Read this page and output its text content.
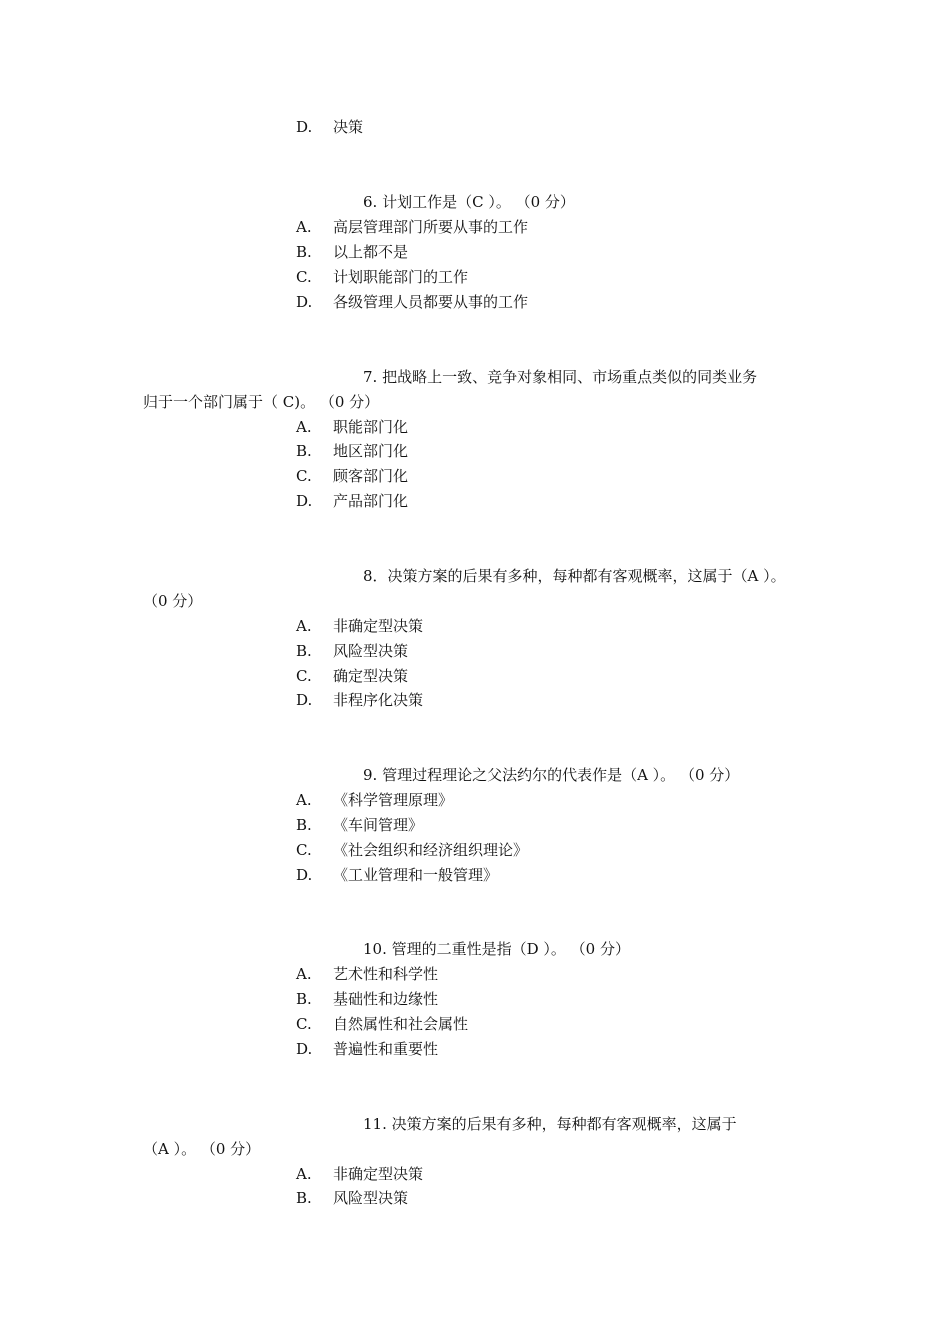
D. 决策
6. 计划工作是（C ）。 （0 分）
A. 高层管理部门所要从事的工作
B. 以上都不是
C. 计划职能部门的工作
D. 各级管理人员都要从事的工作
7. 把战略上一致、竞争对象相同、市场重点类似的同类业务
归于一个部门属于（ C)。 （0 分）
A. 职能部门化
B. 地区部门化
C. 顾客部门化
D. 产品部门化
8．决策方案的后果有多种，每种都有客观概率，这属于（A ）。
（0 分）
A. 非确定型决策
B. 风险型决策
C. 确定型决策
D. 非程序化决策
9. 管理过程理论之父法约尔的代表作是（A ）。 （0 分）
A. 《科学管理原理》
B. 《车间管理》
C. 《社会组织和经济组织理论》
D. 《工业管理和一般管理》
10. 管理的二重性是指（D ）。 （0 分）
A. 艺术性和科学性
B. 基础性和边缘性
C. 自然属性和社会属性
D. 普遍性和重要性
11. 决策方案的后果有多种，每种都有客观概率，这属于
（A ）。 （0 分）
A. 非确定型决策
B. 风险型决策
